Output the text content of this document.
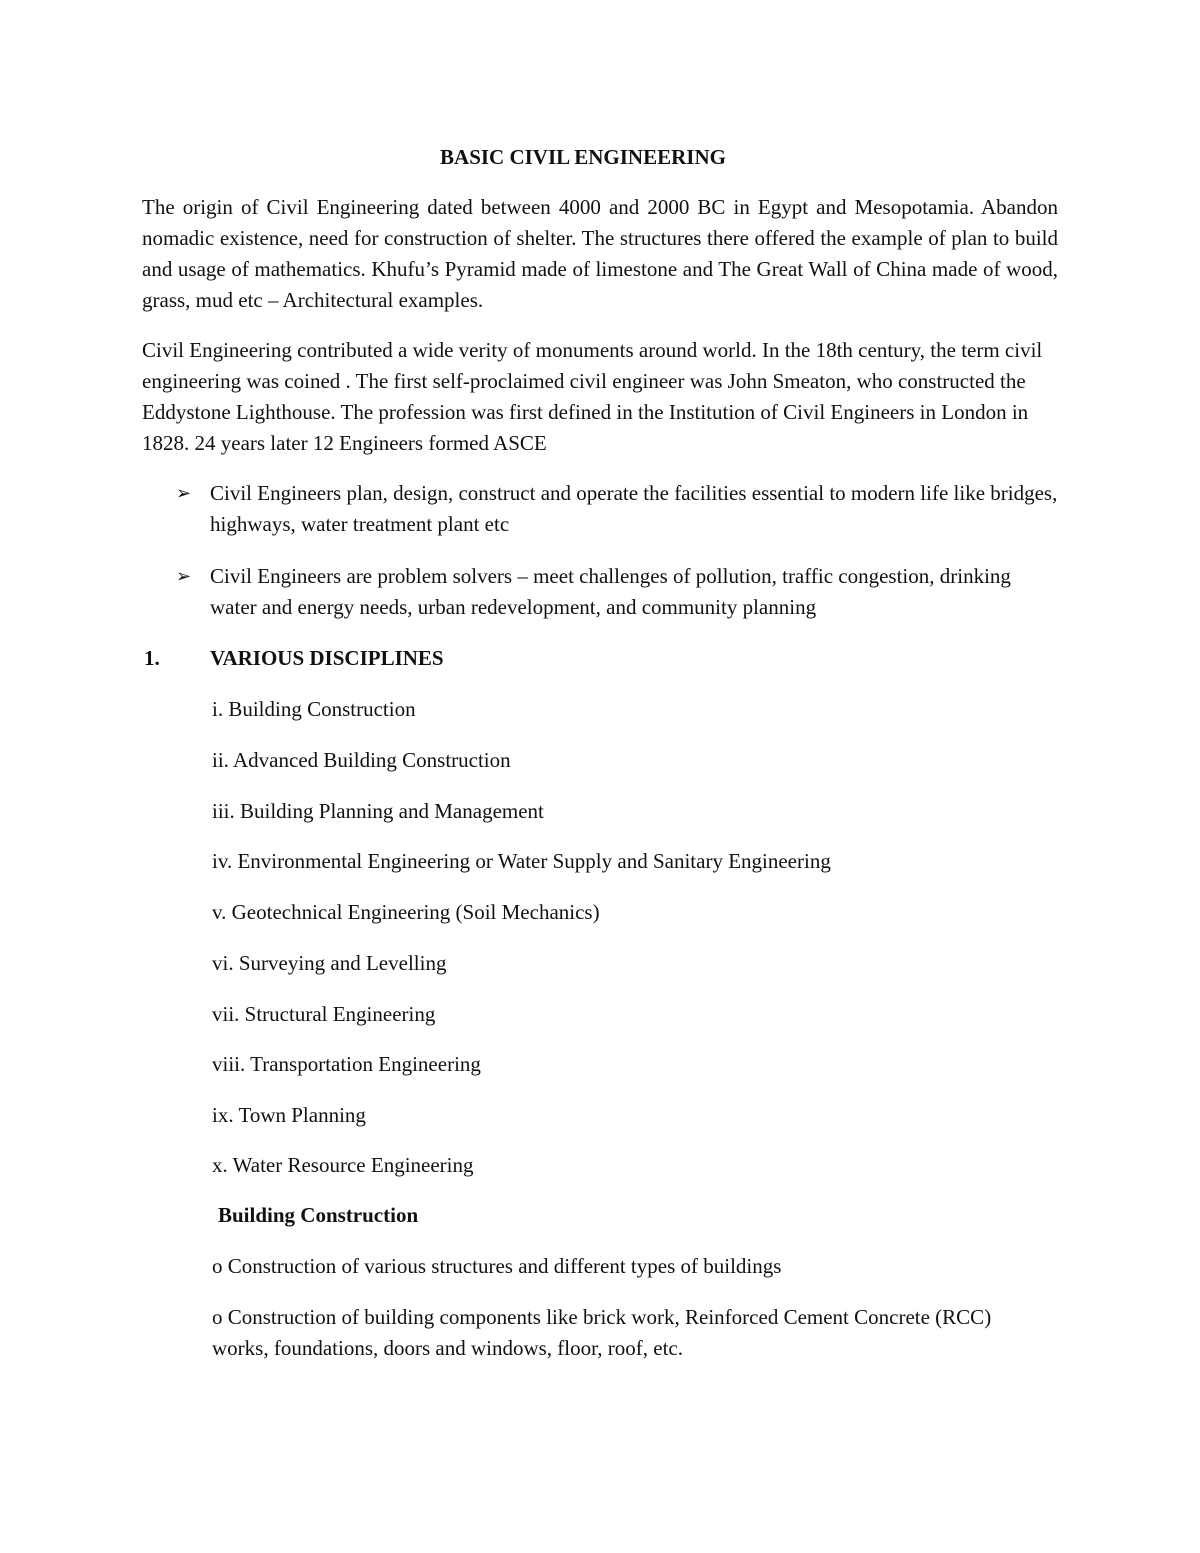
BASIC CIVIL ENGINEERING

The origin of Civil Engineering dated between 4000 and 2000 BC in Egypt and Mesopotamia. Abandon nomadic existence, need for construction of shelter. The structures there offered the example of plan to build and usage of mathematics. Khufu’s Pyramid made of limestone and The Great Wall of China made of wood, grass, mud etc – Architectural examples.

Civil Engineering contributed a wide verity of monuments around world. In the 18th century, the term civil engineering was coined . The first self-proclaimed civil engineer was John Smeaton, who constructed the Eddystone Lighthouse. The profession was first defined in the Institution of Civil Engineers in London in 1828. 24 years later 12 Engineers formed ASCE

➢ Civil Engineers plan, design, construct and operate the facilities essential to modern life like bridges, highways, water treatment plant etc
➢ Civil Engineers are problem solvers – meet challenges of pollution, traffic congestion, drinking water and energy needs, urban redevelopment, and community planning
1. VARIOUS DISCIPLINES

i. Building Construction

ii. Advanced Building Construction

iii. Building Planning and Management

iv. Environmental Engineering or Water Supply and Sanitary Engineering

v. Geotechnical Engineering (Soil Mechanics)

vi. Surveying and Levelling

vii. Structural Engineering

viii. Transportation Engineering

ix. Town Planning

x. Water Resource Engineering

Building Construction

o Construction of various structures and different types of buildings

o Construction of building components like brick work, Reinforced Cement Concrete (RCC) works, foundations, doors and windows, floor, roof, etc.
